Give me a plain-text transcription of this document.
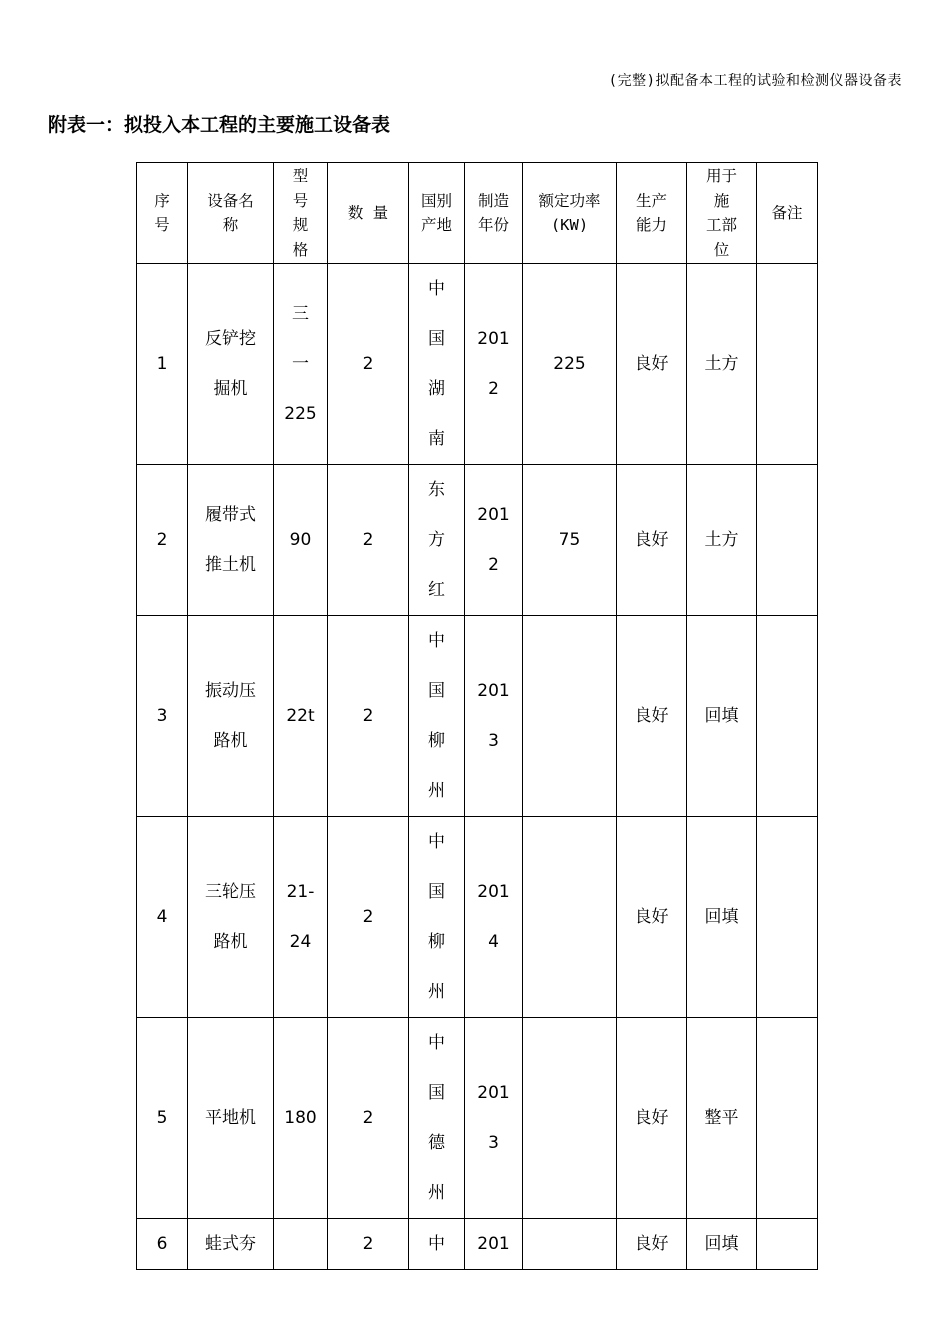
(完整)拟配备本工程的试验和检测仪器设备表
附表一：拟投入本工程的主要施工设备表
序
号	设备名
称	型
号
规
格	数 量	国别
产地	制造
年份	额定功率
(KW)	生产
能力	用于
施
工部
位	备注

1	反铲挖
掘机	三
一
225	2	中
国
湖
南	201
2	225	良好	土方	

2	履带式
推土机	90	2	东
方
红	201
2	75	良好	土方	

3	振动压
路机	22t	2	中
国
柳
州	201
3		良好	回填	

4	三轮压
路机	21-
24	2	中
国
柳
州	201
4		良好	回填	

5	平地机	180	2	中
国
德
州	201
3		良好	整平	

6	蛙式夯		2	中	201		良好	回填	
